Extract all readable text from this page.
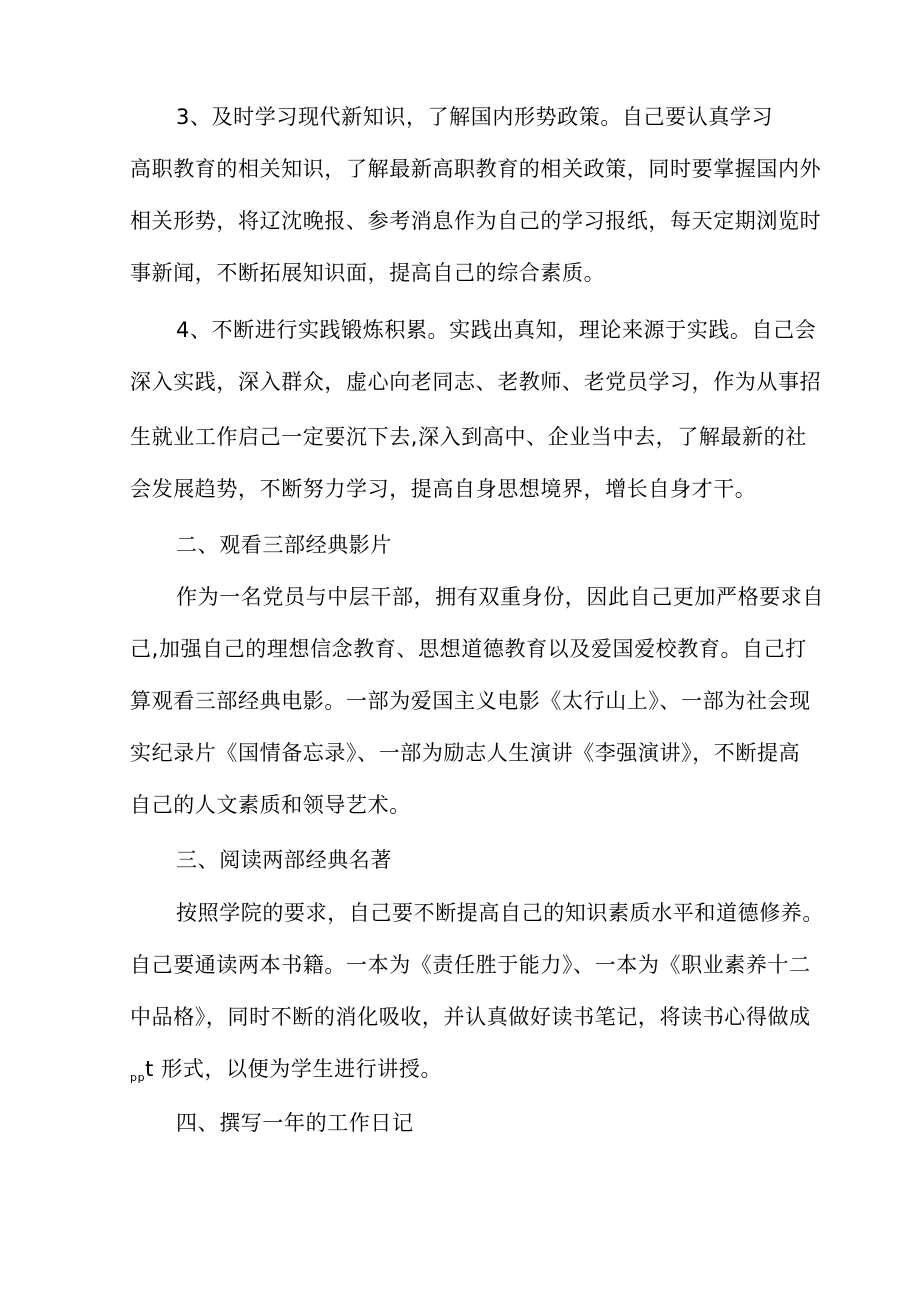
3、及时学习现代新知识，了解国内形势政策。自己要认真学习
高职教育的相关知识，了解最新高职教育的相关政策，同时要掌握国内外
相关形势，将辽沈晚报、参考消息作为自己的学习报纸，每天定期浏览时
事新闻，不断拓展知识面，提高自己的综合素质。
4、不断进行实践锻炼积累。实践出真知，理论来源于实践。自己会
深入实践，深入群众，虚心向老同志、老教师、老党员学习，作为从事招
生就业工作启己一定要沉下去,深入到高中、企业当中去，了解最新的社
会发展趋势，不断努力学习，提高自身思想境界，增长自身才干。
二、观看三部经典影片
作为一名党员与中层干部，拥有双重身份，因此自己更加严格要求自
己,加强自己的理想信念教育、思想道德教育以及爱国爱校教育。自己打
算观看三部经典电影。一部为爱国主义电影《太行山上》、一部为社会现
实纪录片《国情备忘录》、一部为励志人生演讲《李强演讲》，不断提高
自己的人文素质和领导艺术。
三、阅读两部经典名著
按照学院的要求，自己要不断提高自己的知识素质水平和道德修养。
自己要通读两本书籍。一本为《责任胜于能力》、一本为《职业素养十二
中品格》，同时不断的消化吸收，并认真做好读书笔记，将读书心得做成
$_{pp}$t 形式，以便为学生进行讲授。
四、撰写一年的工作日记
